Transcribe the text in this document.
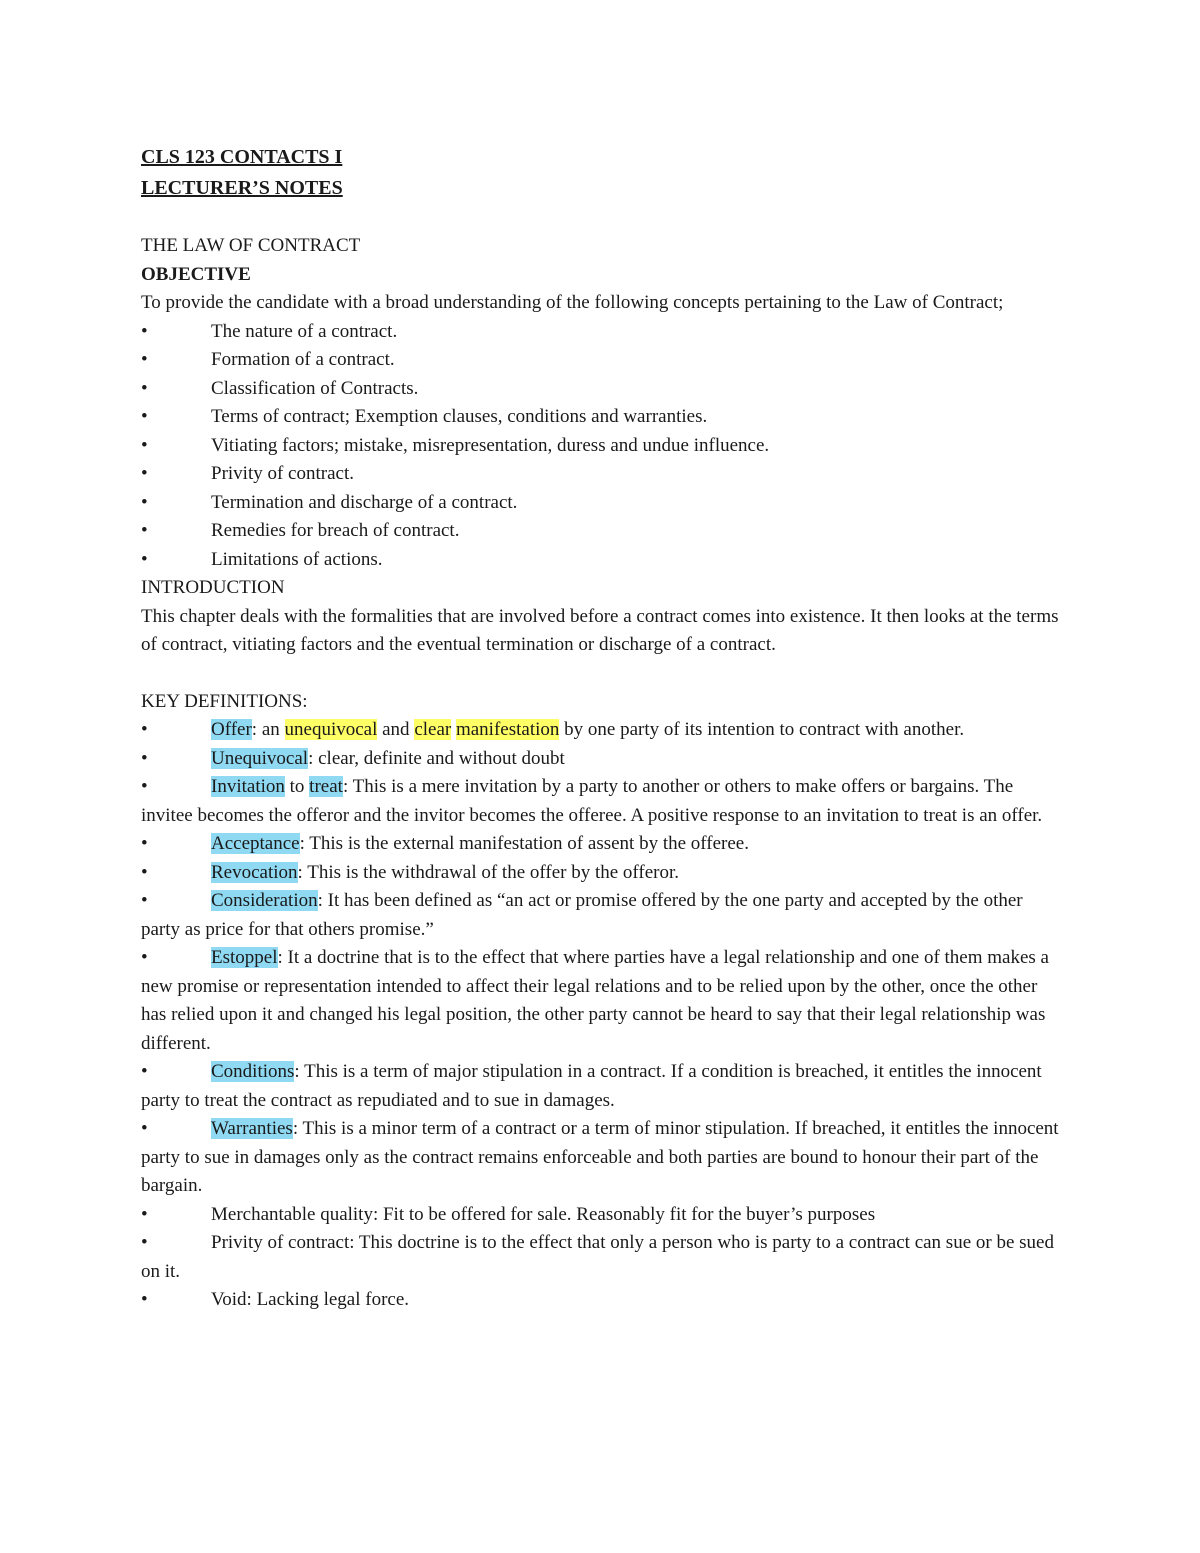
CLS 123 CONTACTS I
LECTURER’S NOTES
THE LAW OF CONTRACT
OBJECTIVE
To provide the candidate with a broad understanding of the following concepts pertaining to the Law of Contract;
•	The nature of a contract.
•	Formation of a contract.
•	Classification of Contracts.
•	Terms of contract; Exemption clauses, conditions and warranties.
•	Vitiating factors; mistake, misrepresentation, duress and undue influence.
•	Privity of contract.
•	Termination and discharge of a contract.
•	Remedies for breach of contract.
•	Limitations of actions.
INTRODUCTION
This chapter deals with the formalities that are involved before a contract comes into existence. It then looks at the terms of contract, vitiating factors and the eventual termination or discharge of a contract.
KEY DEFINITIONS:
•	Offer: an unequivocal and clear manifestation by one party of its intention to contract with another.
•	Unequivocal: clear, definite and without doubt
•	Invitation to treat: This is a mere invitation by a party to another or others to make offers or bargains. The invitee becomes the offeror and the invitor becomes the offeree. A positive response to an invitation to treat is an offer.
•	Acceptance: This is the external manifestation of assent by the offeree.
•	Revocation: This is the withdrawal of the offer by the offeror.
•	Consideration: It has been defined as “an act or promise offered by the one party and accepted by the other party as price for that others promise.”
•	Estoppel: It a doctrine that is to the effect that where parties have a legal relationship and one of them makes a new promise or representation intended to affect their legal relations and to be relied upon by the other, once the other has relied upon it and changed his legal position, the other party cannot be heard to say that their legal relationship was different.
•	Conditions: This is a term of major stipulation in a contract. If a condition is breached, it entitles the innocent party to treat the contract as repudiated and to sue in damages.
•	Warranties: This is a minor term of a contract or a term of minor stipulation. If breached, it entitles the innocent party to sue in damages only as the contract remains enforceable and both parties are bound to honour their part of the bargain.
•	Merchantable quality: Fit to be offered for sale. Reasonably fit for the buyer’s purposes
•	Privity of contract: This doctrine is to the effect that only a person who is party to a contract can sue or be sued on it.
•	Void: Lacking legal force.
